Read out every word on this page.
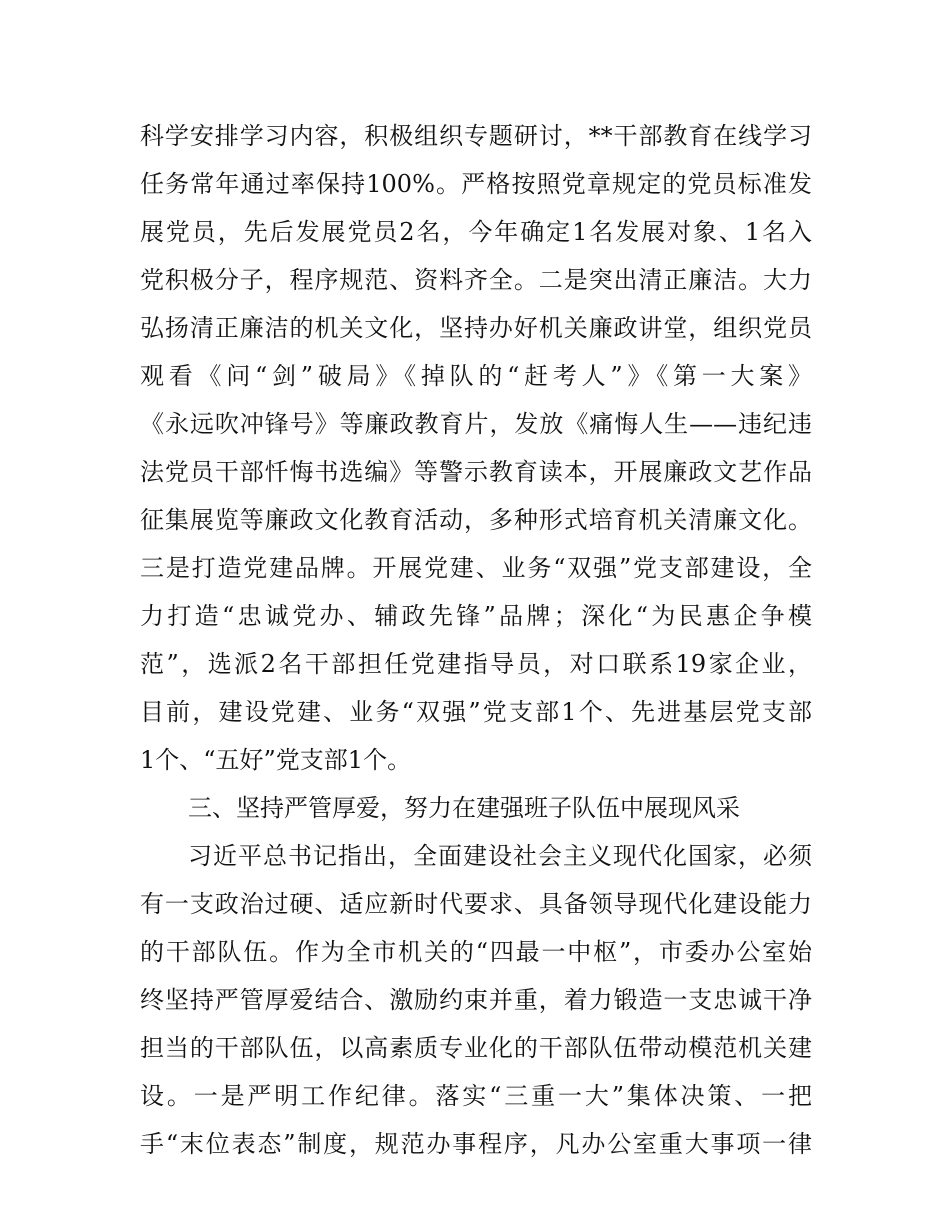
科学安排学习内容，积极组织专题研讨，**干部教育在线学习
任务常年通过率保持100%。严格按照党章规定的党员标准发
展党员，先后发展党员2名，今年确定1名发展对象、1名入
党积极分子，程序规范、资料齐全。二是突出清正廉洁。大力
弘扬清正廉洁的机关文化，坚持办好机关廉政讲堂，组织党员
观看《问“剑”破局》《掉队的“赶考人”》《第一大案》
《永远吹冲锋号》等廉政教育片，发放《痛悔人生——违纪违
法党员干部忏悔书选编》等警示教育读本，开展廉政文艺作品
征集展览等廉政文化教育活动，多种形式培育机关清廉文化。
三是打造党建品牌。开展党建、业务“双强”党支部建设，全
力打造“忠诚党办、辅政先锋”品牌；深化“为民惠企争模
范”，选派2名干部担任党建指导员，对口联系19家企业，
目前，建设党建、业务“双强”党支部1个、先进基层党支部
1个、“五好”党支部1个。
三、坚持严管厚爱，努力在建强班子队伍中展现风采
习近平总书记指出，全面建设社会主义现代化国家，必须
有一支政治过硬、适应新时代要求、具备领导现代化建设能力
的干部队伍。作为全市机关的“四最一中枢”，市委办公室始
终坚持严管厚爱结合、激励约束并重，着力锻造一支忠诚干净
担当的干部队伍，以高素质专业化的干部队伍带动模范机关建
设。一是严明工作纪律。落实“三重一大”集体决策、一把
手“末位表态”制度，规范办事程序，凡办公室重大事项一律
